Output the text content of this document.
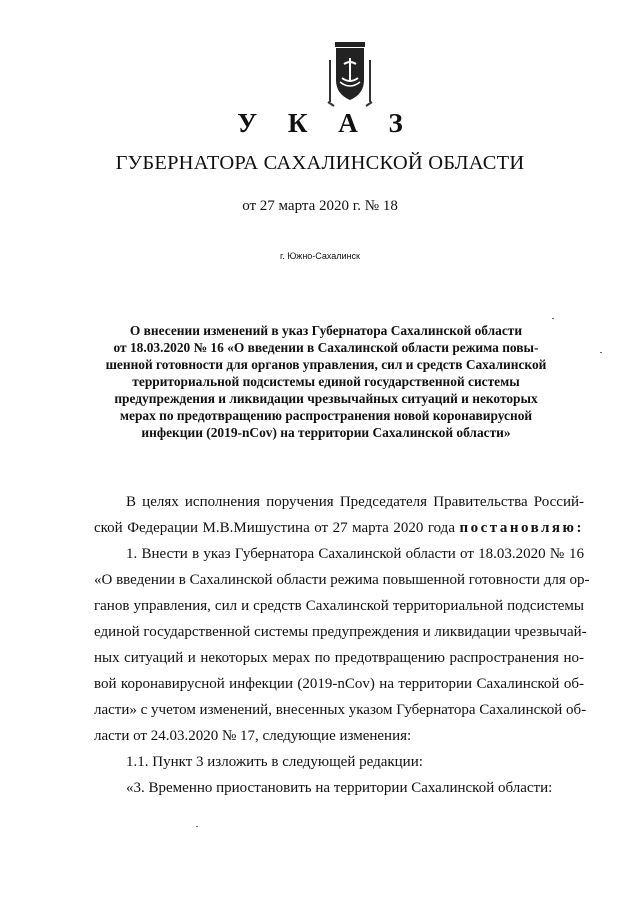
У К А З
ГУБЕРНАТОРА САХАЛИНСКОЙ ОБЛАСТИ
от 27 марта 2020 г. № 18
г. Южно-Сахалинск
О внесении изменений в указ Губернатора Сахалинской области
от 18.03.2020 № 16 «О введении в Сахалинской области режима повы-
шенной готовности для органов управления, сил и средств Сахалинской
территориальной подсистемы единой государственной системы
предупреждения и ликвидации чрезвычайных ситуаций и некоторых
мерах по предотвращению распространения новой коронавирусной
инфекции (2019-nCov) на территории Сахалинской области»
В целях исполнения поручения Председателя Правительства Россий-
ской Федерации М.В.Мишустина от 27 марта 2020 года постановляю:
1. Внести в указ Губернатора Сахалинской области от 18.03.2020 № 16
«О введении в Сахалинской области режима повышенной готовности для ор-
ганов управления, сил и средств Сахалинской территориальной подсистемы
единой государственной системы предупреждения и ликвидации чрезвычай-
ных ситуаций и некоторых мерах по предотвращению распространения но-
вой коронавирусной инфекции (2019-nCov) на территории Сахалинской об-
ласти» с учетом изменений, внесенных указом Губернатора Сахалинской об-
ласти от 24.03.2020 № 17, следующие изменения:
1.1. Пункт 3 изложить в следующей редакции:
«3. Временно приостановить на территории Сахалинской области:
